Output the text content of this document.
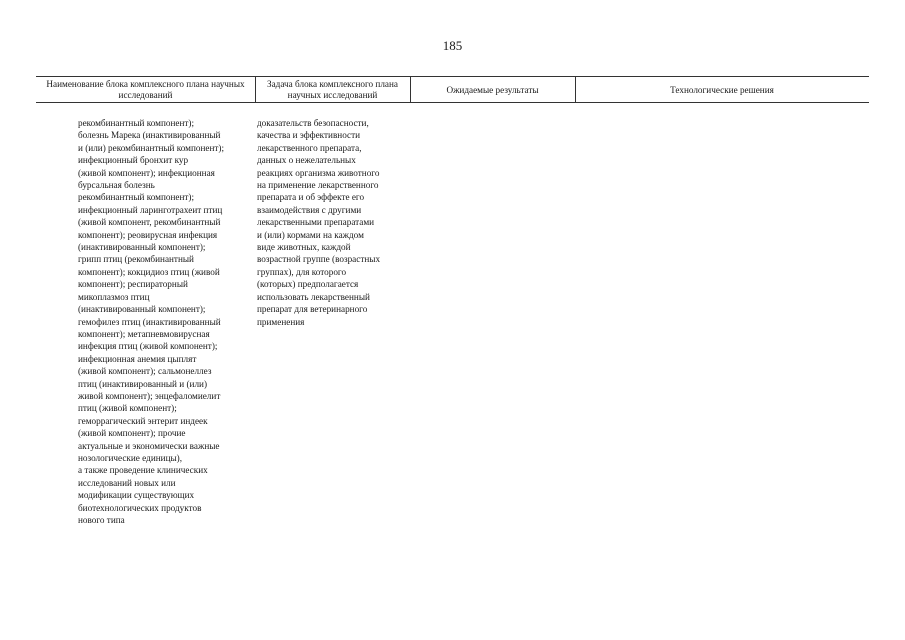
185
Наименование блока комплексного плана научных исследований
Задача блока комплексного плана научных исследований
Ожидаемые результаты	Технологические решения
рекомбинантный компонент);
болезнь Марека (инактивированный
и (или) рекомбинантный компонент);
инфекционный бронхит кур
(живой компонент); инфекционная
бурсальная болезнь
рекомбинантный компонент);
инфекционный ларинготрахеит птиц
(живой компонент, рекомбинантный
компонент); реовирусная инфекция
(инактивированный компонент);
грипп птиц (рекомбинантный
компонент); кокцидиоз птиц (живой
компонент); респираторный
микоплазмоз птиц
(инактивированный компонент);
гемофилез птиц (инактивированный
компонент); метапневмовирусная
инфекция птиц (живой компонент);
инфекционная анемия цыплят
(живой компонент); сальмонеллез
птиц (инактивированный и (или)
живой компонент); энцефаломиелит
птиц (живой компонент);
геморрагический энтерит индеек
(живой компонент); прочие
актуальные и экономически важные
нозологические единицы),
а также проведение клинических
исследований новых или
модификации существующих
биотехнологических продуктов
нового типа
доказательств безопасности,
качества и эффективности
лекарственного препарата,
данных о нежелательных
реакциях организма животного
на применение лекарственного
препарата и об эффекте его
взаимодействия с другими
лекарственными препаратами
и (или) кормами на каждом
виде животных, каждой
возрастной группе (возрастных
группах), для которого
(которых) предполагается
использовать лекарственный
препарат для ветеринарного
применения
